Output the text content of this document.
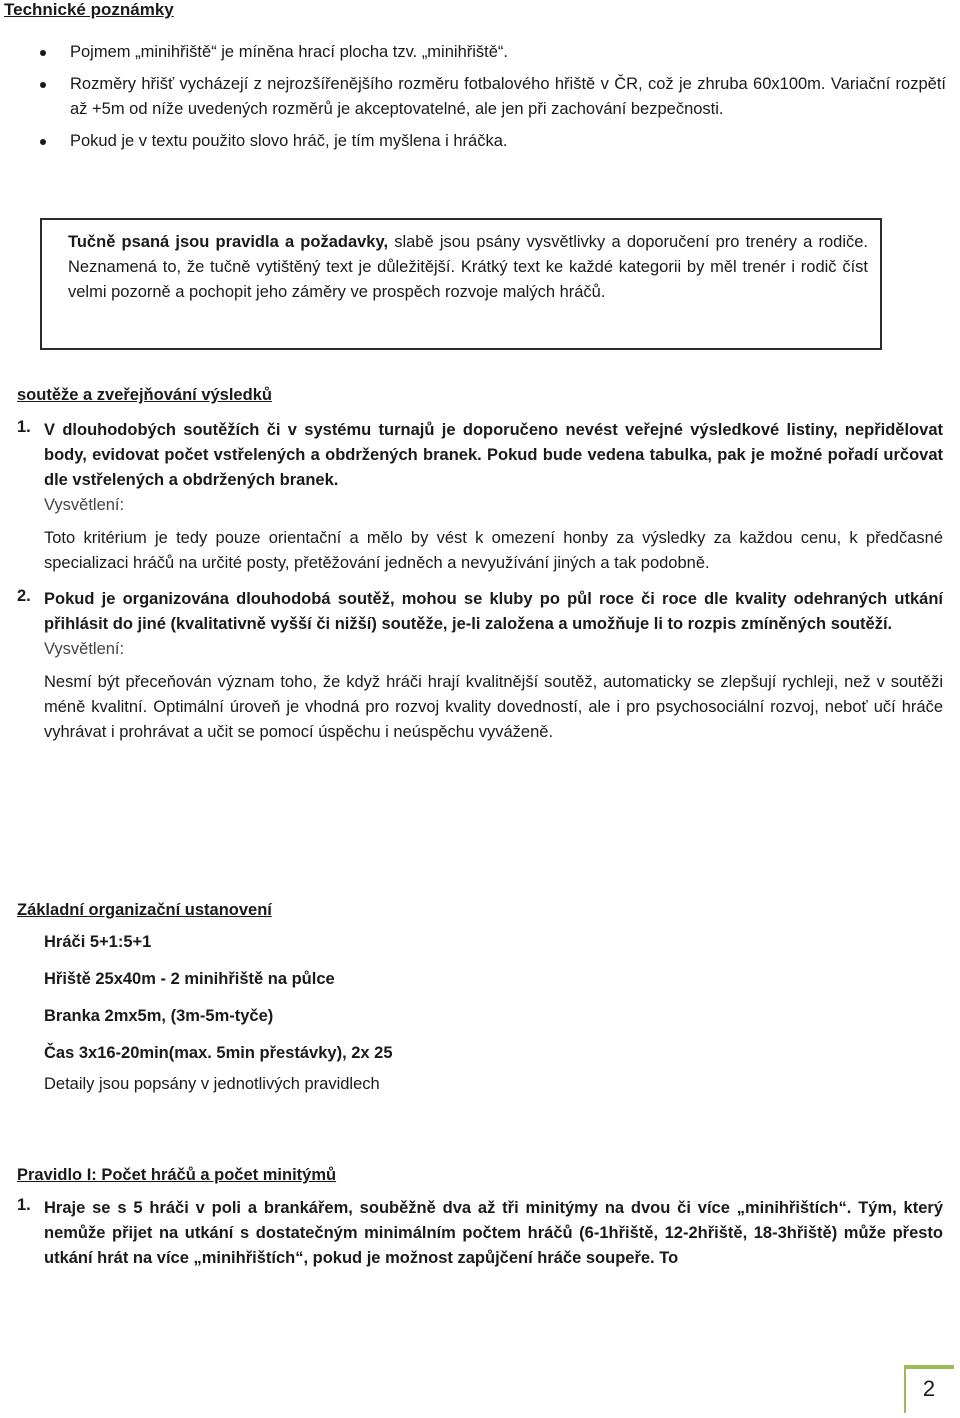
Technické poznámky
Pojmem „minihřiště“ je míněna hrací plocha tzv. „minihřiště“.
Rozměry hřišť vycházejí z nejrozšířenějšího rozměru fotbalového hřiště v ČR, což je zhruba 60x100m. Variační rozpětí až +5m od níže uvedených rozměrů je akceptovatelné, ale jen při zachování bezpečnosti.
Pokud je v textu použito slovo hráč, je tím myšlena i hráčka.
Tučně psaná jsou pravidla a požadavky, slabě jsou psány vysvětlivky a doporučení pro trenéry a rodiče. Neznamená to, že tučně vytištěný text je důležitější. Krátký text ke každé kategorii by měl trenér i rodič číst velmi pozorně a pochopit jeho záměry ve prospěch rozvoje malých hráčů.
soutěže a zveřejňování výsledků
1. V dlouhodobých soutěžích či v systému turnajů je doporučeno nevést veřejné výsledkové listiny, nepřidělovat body, evidovat počet vstřelených a obdržených branek. Pokud bude vedena tabulka, pak je možné pořadí určovat dle vstřelených a obdržených branek.
Vysvětlení:
Toto kritérium je tedy pouze orientační a mělo by vést k omezení honby za výsledky za každou cenu, k předčasné specializaci hráčů na určité posty, přetěžování jedněch a nevyužívání jiných a tak podobně.
2. Pokud je organizována dlouhodobá soutěž, mohou se kluby po půl roce či roce dle kvality odehraných utkání přihlásit do jiné (kvalitativně vyšší či nižší) soutěže, je-li založena a umožňuje li to rozpis zmíněných soutěží.
Vysvětlení:
Nesmí být přeceňován význam toho, že když hráči hrají kvalitnější soutěž, automaticky se zlepšují rychleji, než v soutěži méně kvalitní. Optimální úroveň je vhodná pro rozvoj kvality dovedností, ale i pro psychosociální rozvoj, neboť učí hráče vyhrávat i prohrávat a učit se pomocí úspěchu i neúspěchu vyváženě.
Základní organizační ustanovení
Hráči 5+1:5+1
Hřiště 25x40m - 2 minihřiště na půlce
Branka 2mx5m, (3m-5m-tyče)
Čas 3x16-20min(max. 5min přestávky), 2x 25
Detaily jsou popsány v jednotlivých pravidlech
Pravidlo I: Počet hráčů a počet minitýmů
1. Hraje se s 5 hráči v poli a brankářem, souběžně dva až tři minitýmy na dvou či více „minihřištích“. Tým, který nemůže přijet na utkání s dostatečným minimálním počtem hráčů (6-1hřiště, 12-2hřiště, 18-3hřiště) může přesto utkání hrát na více „minihřištích“, pokud je možnost zapůjčení hráče soupeře. To
2
